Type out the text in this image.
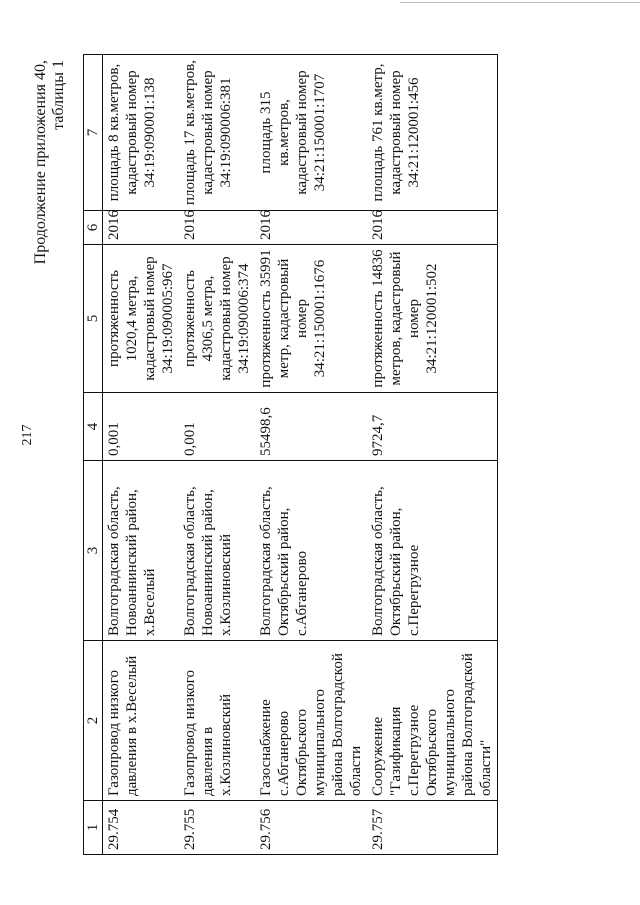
217
Продолжение приложения 40, таблицы 1
1	2	3	4	5	6	7
29.754	Газопровод низкого давления в х.Веселый	Волгоградская область, Новоаннинский район, х.Веселый	0,001	протяженность 1020,4 метра, кадастровый номер 34:19:090005:967	2016	площадь 8 кв.метров, кадастровый номер 34:19:090001:138
29.755	Газопровод низкого давления в х.Козлиновский	Волгоградская область, Новоаннинский район, х.Козлиновский	0,001	протяженность 4306,5 метра, кадастровый номер 34:19:090006:374	2016	площадь 17 кв.метров, кадастровый номер 34:19:090006:381
29.756	Газоснабжение с.Абганерово Октябрьского муниципального района Волгоградской области	Волгоградская область, Октябрьский район, с.Абганерово	55498,6	протяженность 35991 метр, кадастровый номер 34:21:150001:1676	2016	площадь 315 кв.метров, кадастровый номер 34:21:150001:1707
29.757	Сооружение "Газификация с.Перегрузное Октябрьского муниципального района Волгоградской области"	Волгоградская область, Октябрьский район, с.Перегрузное	9724,7	протяженность 14836 метров, кадастровый номер 34:21:120001:502	2016	площадь 761 кв.метр, кадастровый номер 34:21:120001:456
